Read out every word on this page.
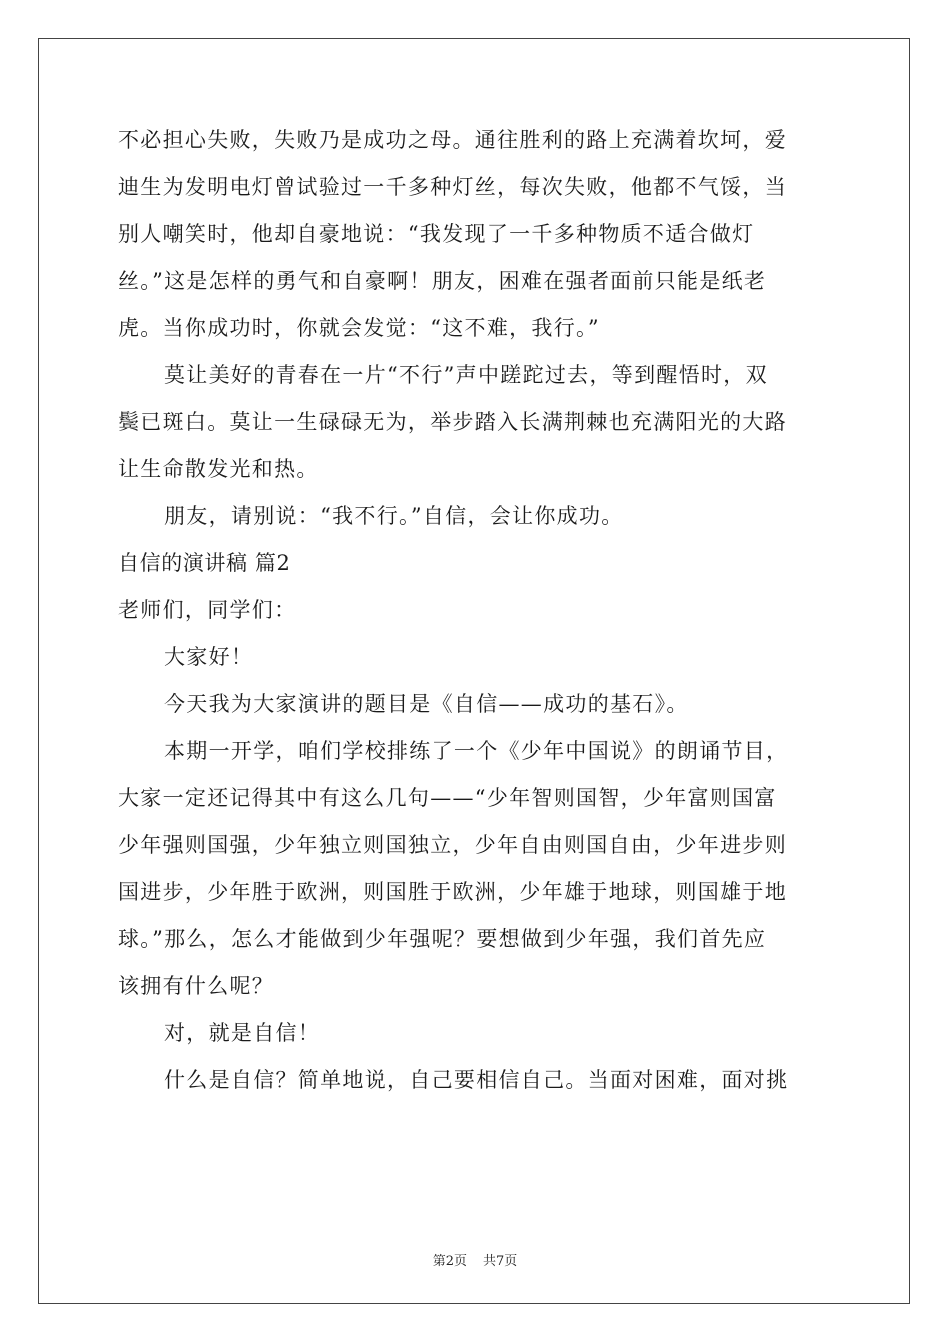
不必担心失败，失败乃是成功之母。通往胜利的路上充满着坎坷，爱
迪生为发明电灯曾试验过一千多种灯丝，每次失败，他都不气馁，当
别人嘲笑时，他却自豪地说：“我发现了一千多种物质不适合做灯
丝。”这是怎样的勇气和自豪啊！朋友，困难在强者面前只能是纸老
虎。当你成功时，你就会发觉：“这不难，我行。”
莫让美好的青春在一片“不行”声中蹉跎过去，等到醒悟时，双
鬓已斑白。莫让一生碌碌无为，举步踏入长满荆棘也充满阳光的大路
让生命散发光和热。
朋友，请别说：“我不行。”自信，会让你成功。
自信的演讲稿 篇2
老师们，同学们：
大家好！
今天我为大家演讲的题目是《自信——成功的基石》。
本期一开学，咱们学校排练了一个《少年中国说》的朗诵节目，
大家一定还记得其中有这么几句——“少年智则国智，少年富则国富
少年强则国强，少年独立则国独立，少年自由则国自由，少年进步则
国进步，少年胜于欧洲，则国胜于欧洲，少年雄于地球，则国雄于地
球。”那么，怎么才能做到少年强呢？要想做到少年强，我们首先应
该拥有什么呢？
对，就是自信！
什么是自信？简单地说，自己要相信自己。当面对困难，面对挑
第2页 共7页
